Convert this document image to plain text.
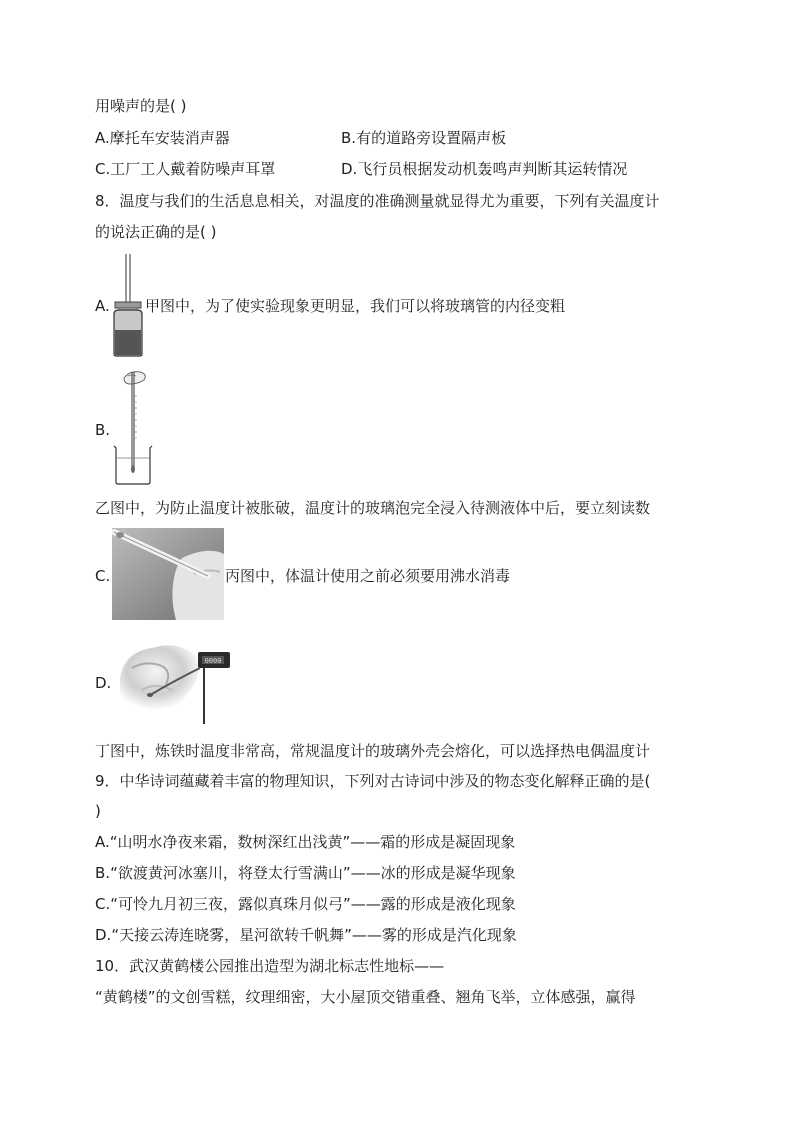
用噪声的是( )
A.摩托车安装消声器	B.有的道路旁设置隔声板
C.工厂工人戴着防噪声耳罩	D.飞行员根据发动机轰鸣声判断其运转情况
8．温度与我们的生活息息相关，对温度的准确测量就显得尤为重要，下列有关温度计
的说法正确的是( )
A. 甲图中，为了使实验现象更明显，我们可以将玻璃管的内径变粗
B.
乙图中，为防止温度计被胀破，温度计的玻璃泡完全浸入待测液体中后，要立刻读数
C.	丙图中，体温计使用之前必须要用沸水消毒
D.
0000
丁图中，炼铁时温度非常高，常规温度计的玻璃外壳会熔化，可以选择热电偶温度计
9．中华诗词蕴藏着丰富的物理知识，下列对古诗词中涉及的物态变化解释正确的是(
)
A.“山明水净夜来霜，数树深红出浅黄”——霜的形成是凝固现象
B.“欲渡黄河冰塞川，将登太行雪满山”——冰的形成是凝华现象
C.“可怜九月初三夜，露似真珠月似弓”——露的形成是液化现象
D.“天接云涛连晓雾，星河欲转千帆舞”——雾的形成是汽化现象
10．武汉黄鹤楼公园推出造型为湖北标志性地标——
“黄鹤楼”的文创雪糕，纹理细密，大小屋顶交错重叠、翘角飞举，立体感强，赢得
